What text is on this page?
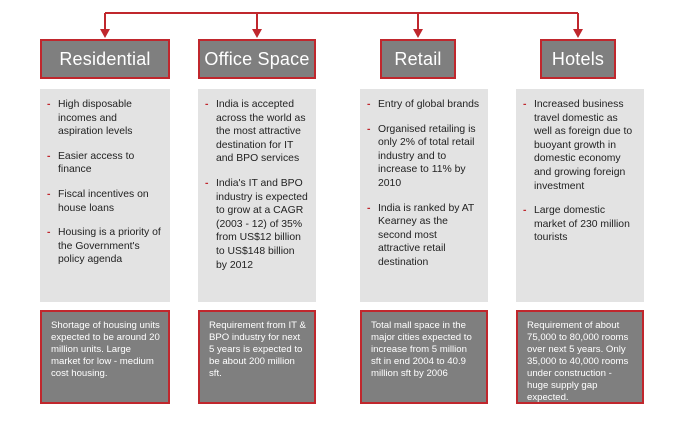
Residential
- High disposable incomes and aspiration levels
- Easier access to finance
- Fiscal incentives on house loans
- Housing is a priority of the Government's policy agenda
Shortage of housing units expected to be around 20 million units. Large market for low - medium cost housing.
Office Space
- India is accepted across the world as the most attractive destination for IT and BPO services
- India's IT and BPO industry is expected to grow at a CAGR (2003 - 12) of 35% from US$12 billion to US$148 billion by 2012
Requirement from IT & BPO industry for next 5 years is expected to be about 200 million sft.
Retail
- Entry of global brands
- Organised retailing is only 2% of total retail industry and to increase to 11% by 2010
- India is ranked by AT Kearney as the second most attractive retail destination
Total mall space in the major cities expected to increase from 5 million sft in end 2004 to 40.9 million sft by 2006
Hotels
- Increased business travel domestic as well as foreign due to buoyant growth in domestic economy and growing foreign investment
- Large domestic market of 230 million tourists
Requirement of about 75,000 to 80,000 rooms over next 5 years. Only 35,000 to 40,000 rooms under construction - huge supply gap expected.
